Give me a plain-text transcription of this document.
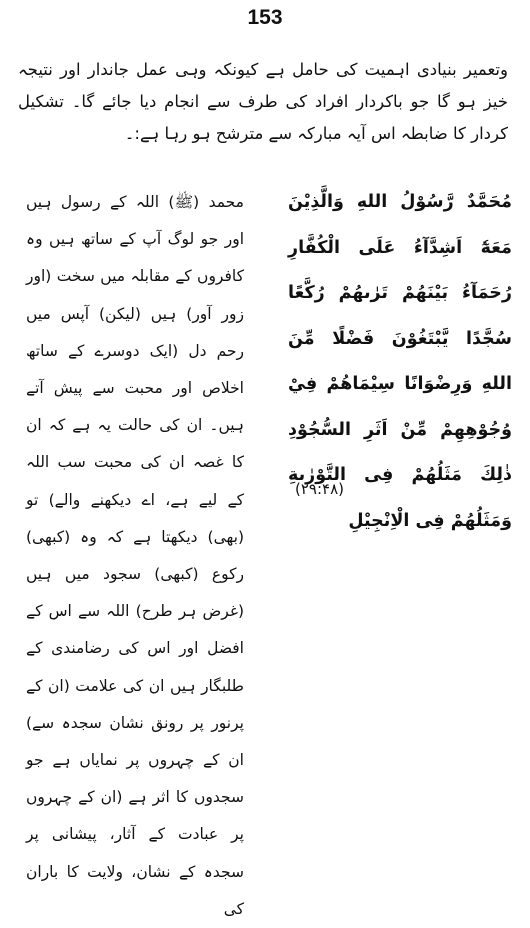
153

وتعمیر بنیادی اہمیت کی حامل ہے کیونکہ وہی عمل جاندار اور نتیجہ خیز ہو گا جو باکردار افراد کی طرف سے انجام دیا جائے گا۔ تشکیل کردار کا ضابطہ اس آیہ مبارکہ سے مترشح ہو رہا ہے:۔

مُحَمَّدٌ رَّسُوْلُ اللهِ وَالَّذِيْنَ مَعَهٗٓ اَشِدَّآءُ عَلَى الْكُفَّارِ رُحَمَآءُ بَيْنَهُمْ تَرٰىهُمْ رُكَّعًا سُجَّدًا يَّبْتَغُوْنَ فَضْلًا مِّنَ اللهِ وَرِضْوَانًا سِيْمَاهُمْ فِيْ وُجُوْهِهِمْ مِّنْ اَثَرِ السُّجُوْدِ ذٰلِكَ مَثَلُهُمْ فِى التَّوْرٰىةِ وَمَثَلُهُمْ فِى الْاِنْجِيْلِ

(۲۹:۴۸)

محمد (ﷺ) اللہ کے رسول ہیں اور جو لوگ آپ کے ساتھ ہیں وہ کافروں کے مقابلہ میں سخت (اور زور آور) ہیں (لیکن) آپس میں رحم دل (ایک دوسرے کے ساتھ اخلاص اور محبت سے پیش آتے ہیں۔ ان کی حالت یہ ہے کہ ان کا غصہ ان کی محبت سب اللہ کے لیے ہے، اے دیکھنے والے) تو (بھی) دیکھتا ہے کہ وہ (کبھی) رکوع (کبھی) سجود میں ہیں (غرض ہر طرح) اللہ سے اس کے افضل اور اس کی رضامندی کے طلبگار ہیں ان کی علامت (ان کے پرنور پر رونق نشان سجدہ سے) ان کے چہروں پر نمایاں ہے جو سجدوں کا اثر ہے (ان کے چہروں پر عبادت کے آثار، پیشانی پر سجدہ کے نشان، ولایت کا باران کی
